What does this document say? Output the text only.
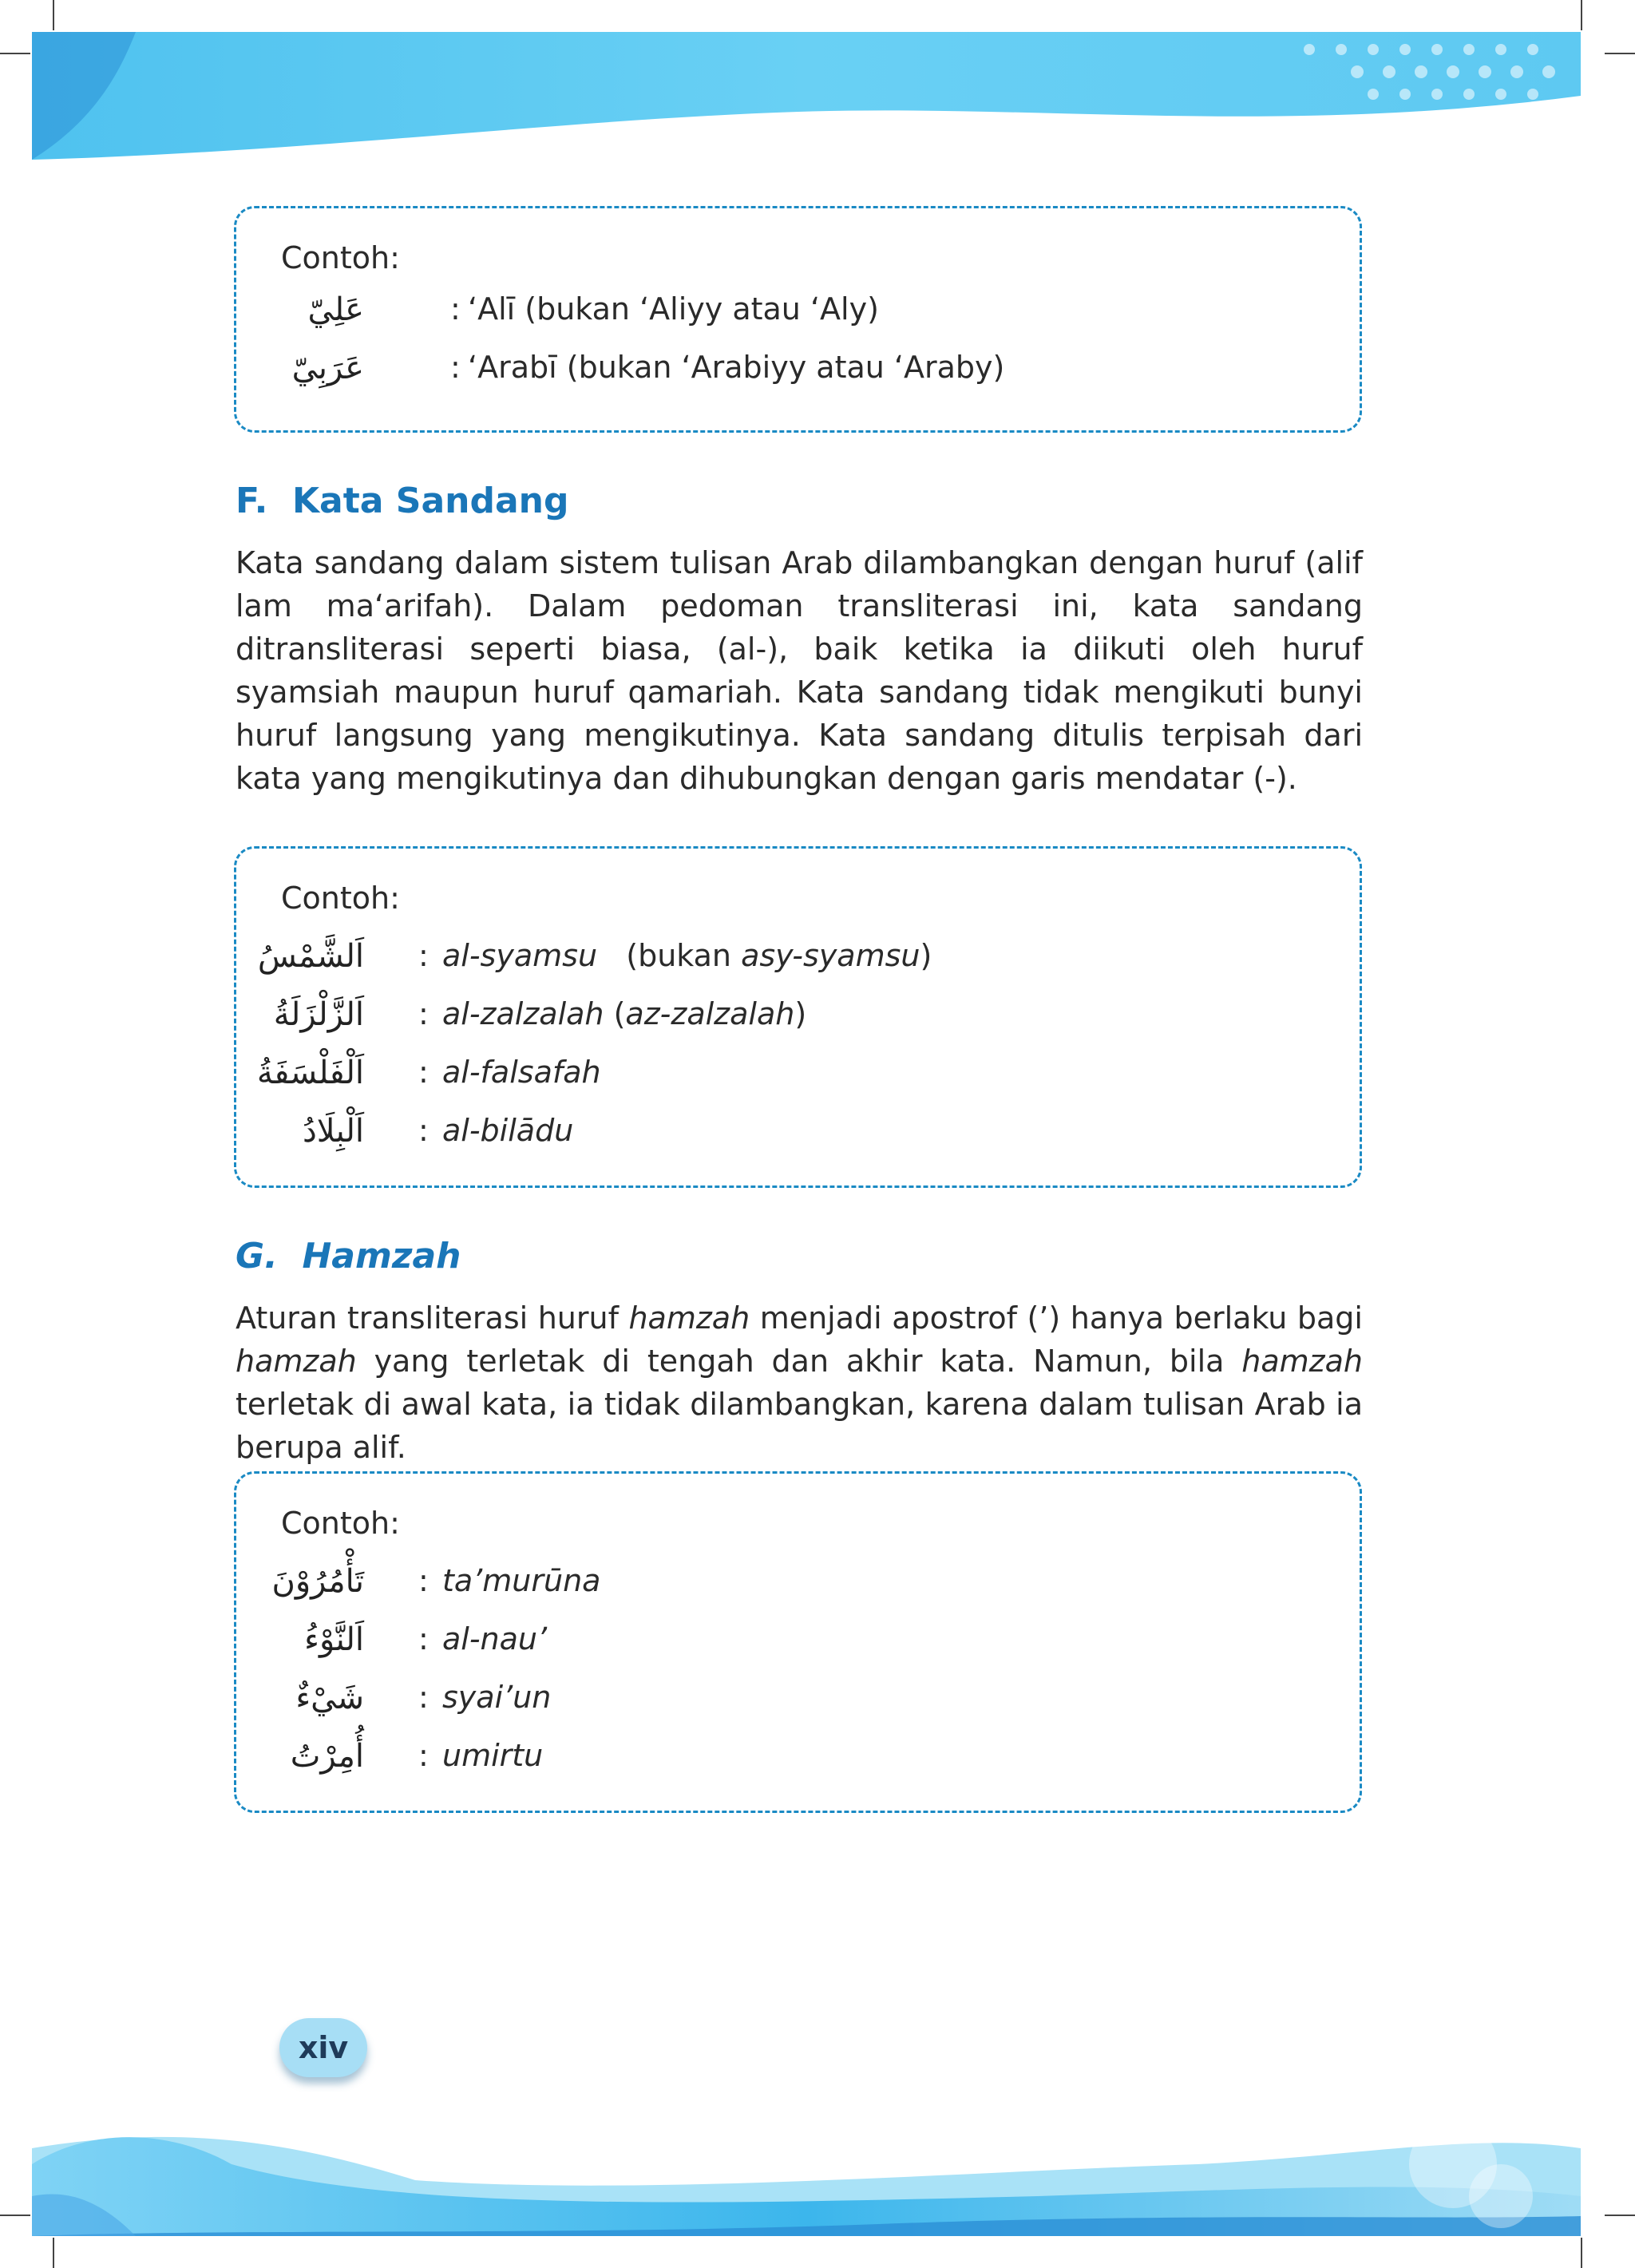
Contoh:
عَلِيّ	: ‘Alī (bukan ‘Aliyy atau ‘Aly)
عَرَبِيّ	: ‘Arabī (bukan ‘Arabiyy atau ‘Araby)
F. Kata Sandang
Kata sandang dalam sistem tulisan Arab dilambangkan dengan huruf (alif lam ma‘arifah). Dalam pedoman transliterasi ini, kata sandang ditransliterasi seperti biasa, (al-), baik ketika ia diikuti oleh huruf syamsiah maupun huruf qamariah. Kata sandang tidak mengikuti bunyi huruf langsung yang mengikutinya. Kata sandang ditulis terpisah dari kata yang mengikutinya dan dihubungkan dengan garis mendatar (-).
Contoh:
اَلشَّمْسُ : al-syamsu   (bukan asy-syamsu)
اَلزَّلْزَلَةُ : al-zalzalah (az-zalzalah)
اَلْفَلْسَفَةُ : al-falsafah
اَلْبِلَادُ : al-bilādu
G. Hamzah
Aturan transliterasi huruf hamzah menjadi apostrof (’) hanya berlaku bagi hamzah yang terletak di tengah dan akhir kata. Namun, bila hamzah terletak di awal kata, ia tidak dilambangkan, karena dalam tulisan Arab ia berupa alif.
Contoh:
تَأْمُرُوْنَ : ta’murūna
اَلنَّوْءُ : al-nau’
شَيْءٌ : syai’un
أُمِرْتُ : umirtu
xiv
